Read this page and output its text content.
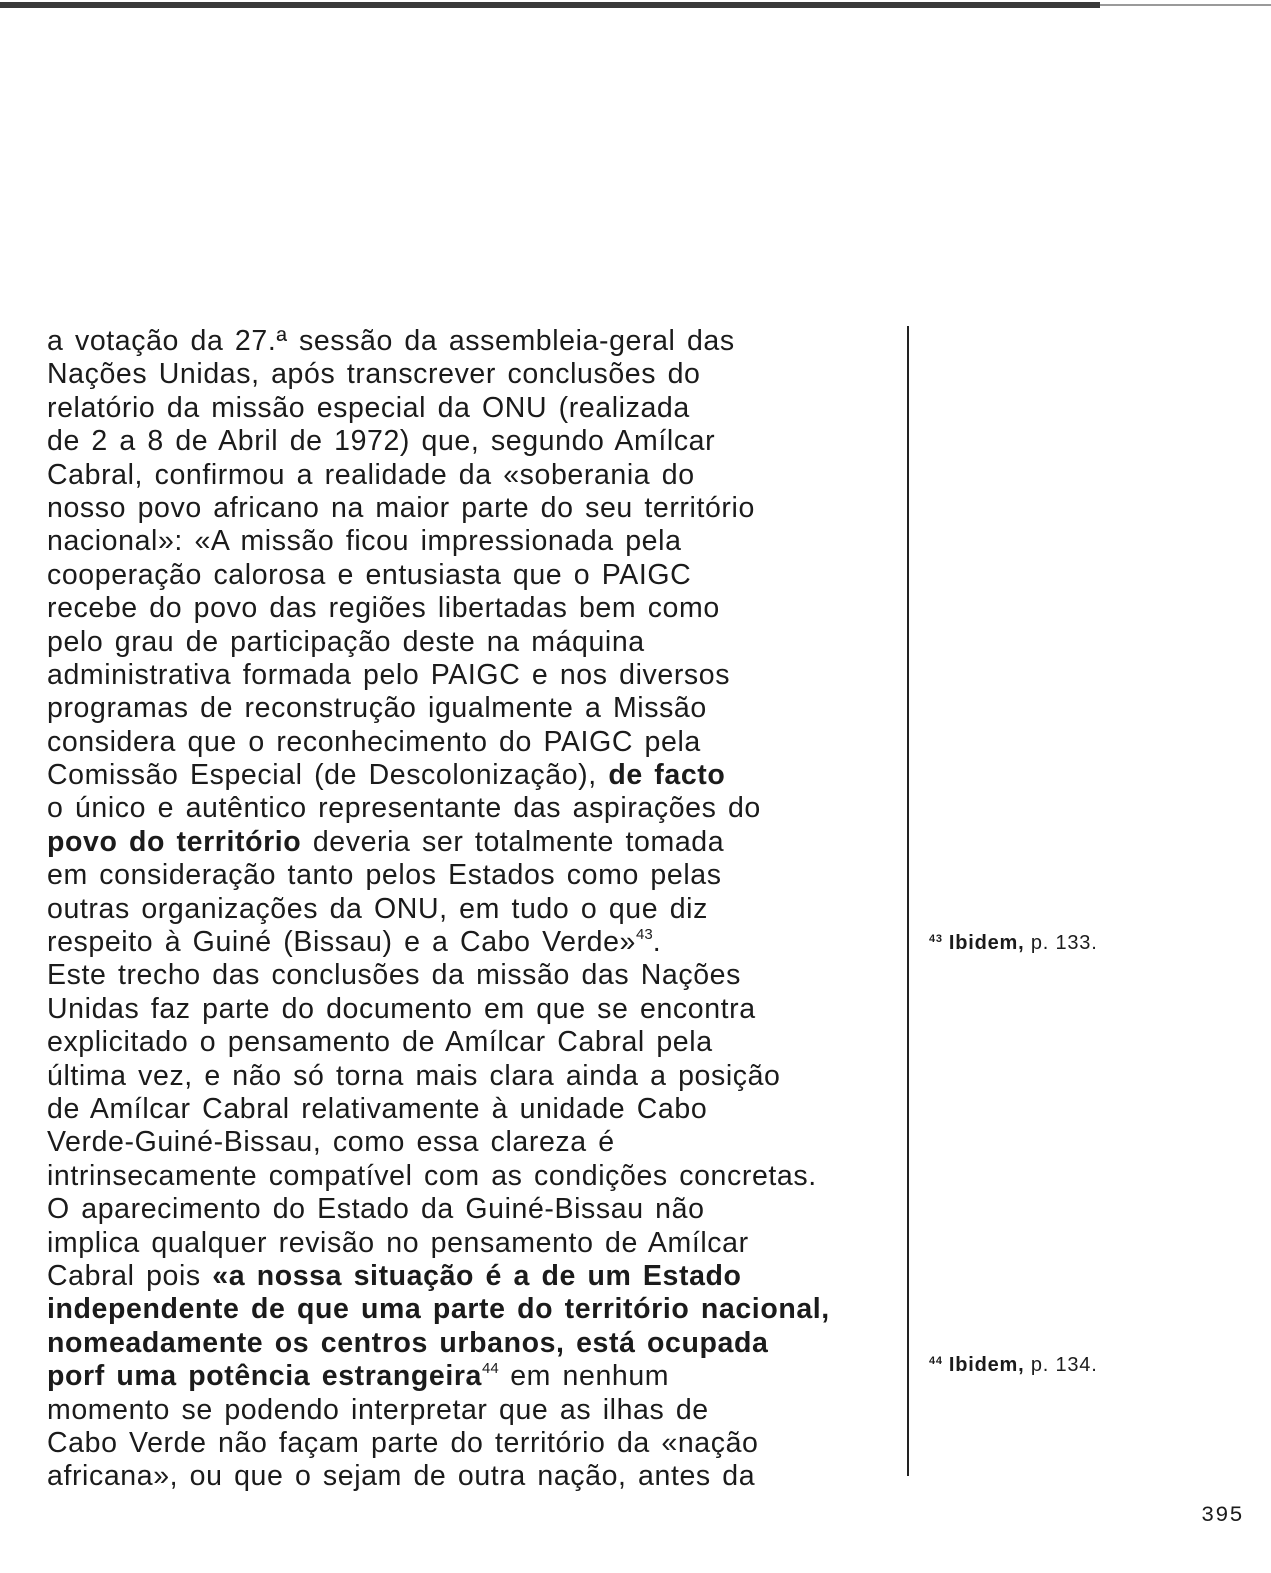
a votação da 27.ª sessão da assembleia-geral das
Nações Unidas, após transcrever conclusões do
relatório da missão especial da ONU (realizada
de 2 a 8 de Abril de 1972) que, segundo Amílcar
Cabral, confirmou a realidade da «soberania do
nosso povo africano na maior parte do seu território
nacional»: «A missão ficou impressionada pela
cooperação calorosa e entusiasta que o PAIGC
recebe do povo das regiões libertadas bem como
pelo grau de participação deste na máquina
administrativa formada pelo PAIGC e nos diversos
programas de reconstrução igualmente a Missão
considera que o reconhecimento do PAIGC pela
Comissão Especial (de Descolonização), de facto
o único e autêntico representante das aspirações do
povo do território deveria ser totalmente tomada
em consideração tanto pelos Estados como pelas
outras organizações da ONU, em tudo o que diz
respeito à Guiné (Bissau) e a Cabo Verde»$^{43}$.
Este trecho das conclusões da missão das Nações
Unidas faz parte do documento em que se encontra
explicitado o pensamento de Amílcar Cabral pela
última vez, e não só torna mais clara ainda a posição
de Amílcar Cabral relativamente à unidade Cabo
Verde-Guiné-Bissau, como essa clareza é
intrinsecamente compatível com as condições concretas.
O aparecimento do Estado da Guiné-Bissau não
implica qualquer revisão no pensamento de Amílcar
Cabral pois «a nossa situação é a de um Estado
independente de que uma parte do território nacional,
nomeadamente os centros urbanos, está ocupada
porf uma potência estrangeira$^{44}$ em nenhum
momento se podendo interpretar que as ilhas de
Cabo Verde não façam parte do território da «nação
africana», ou que o sejam de outra nação, antes da
$^{43}$ Ibidem, p. 133.
$^{44}$ Ibidem, p. 134.
395
